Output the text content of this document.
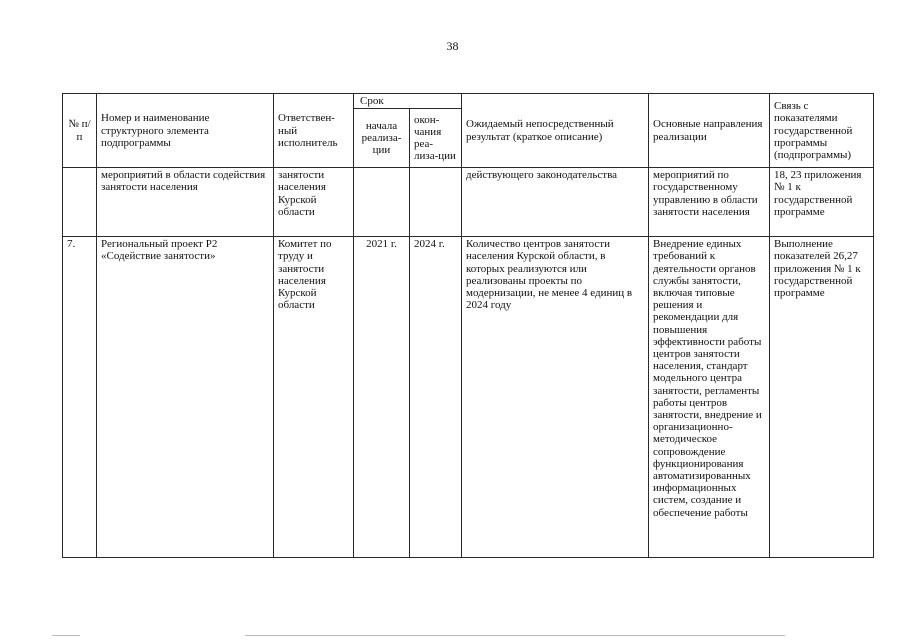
38
№ п/п	Номер и наименование структурного элемента подпрограммы	Ответствен-ный исполнитель	Срок		Ожидаемый непосредственный результат (краткое описание)	Основные направления реализации	Связь с показателями государственной программы (подпрограммы)
			начала реализа-ции	окон-чания реа-лиза-ции			
	мероприятий в области содействия занятости населения	занятости населения Курской области			действующего законодательства	мероприятий по государственному управлению в области занятости населения	18, 23 приложения № 1 к государственной программе
7.	Региональный проект Р2 «Содействие занятости»	Комитет по труду и занятости населения Курской области	2021 г.	2024 г.	Количество центров занятости населения Курской области, в которых реализуются или реализованы проекты по модернизации, не менее 4 единиц в 2024 году	Внедрение единых требований к деятельности органов службы занятости, включая типовые решения и рекомендации для повышения эффективности работы центров занятости населения, стандарт модельного центра занятости, регламенты работы центров занятости, внедрение и организационно-методическое сопровождение функционирования автоматизированных информационных систем, создание и обеспечение работы	Выполнение показателей 26,27 приложения № 1 к государственной программе
